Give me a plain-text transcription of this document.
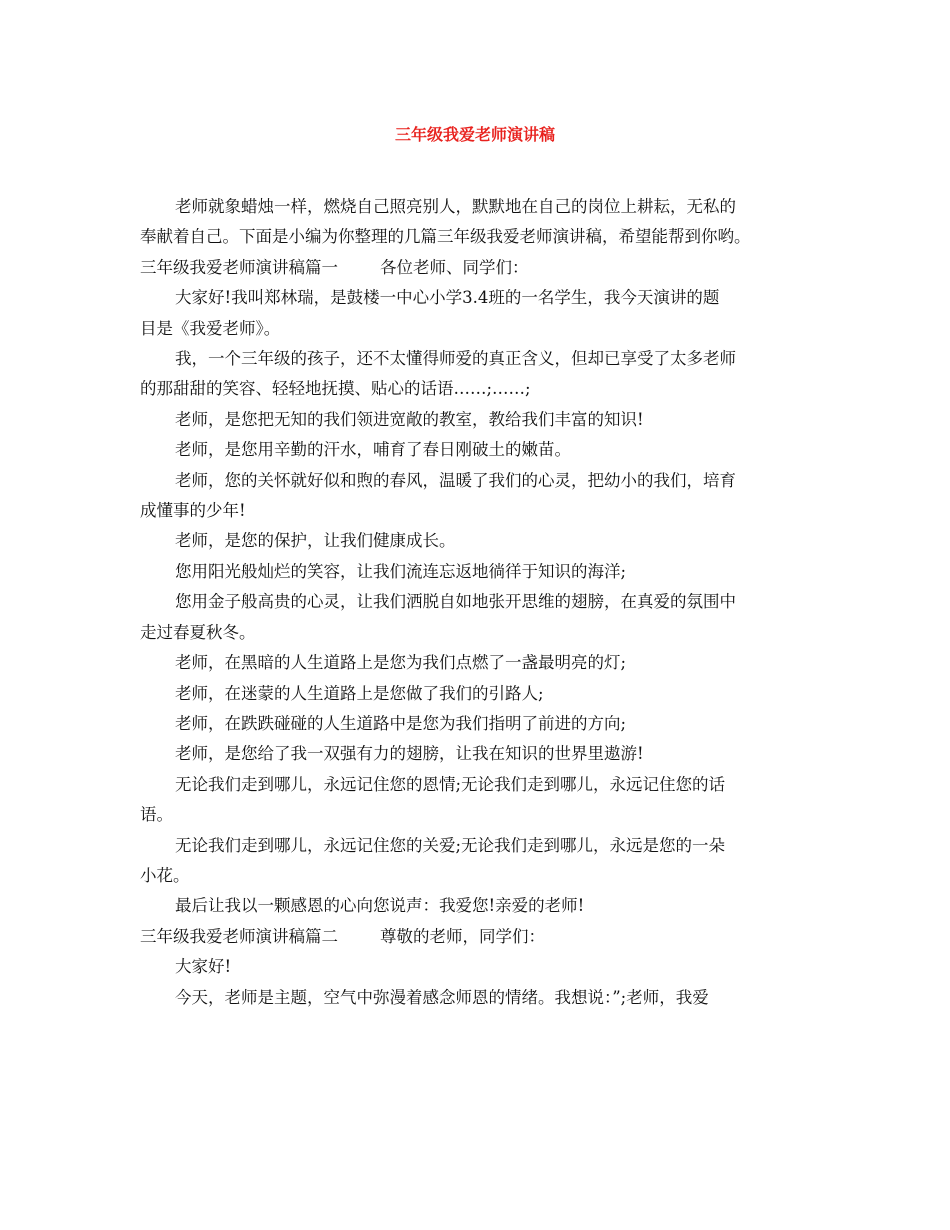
三年级我爱老师演讲稿

老师就象蜡烛一样，燃烧自己照亮别人，默默地在自己的岗位上耕耘，无私的

奉献着自己。下面是小编为你整理的几篇三年级我爱老师演讲稿，希望能帮到你哟。

三年级我爱老师演讲稿篇一	各位老师、同学们：

大家好!我叫郑林瑞，是鼓楼一中心小学3.4班的一名学生，我今天演讲的题

目是《我爱老师》。

我，一个三年级的孩子，还不太懂得师爱的真正含义，但却已享受了太多老师

的那甜甜的笑容、轻轻地抚摸、贴心的话语……;……;

老师，是您把无知的我们领进宽敞的教室，教给我们丰富的知识!

老师，是您用辛勤的汗水，哺育了春日刚破土的嫩苗。

老师，您的关怀就好似和煦的春风，温暖了我们的心灵，把幼小的我们，培育

成懂事的少年!

老师，是您的保护，让我们健康成长。

您用阳光般灿烂的笑容，让我们流连忘返地徜徉于知识的海洋;

您用金子般高贵的心灵，让我们洒脱自如地张开思维的翅膀，在真爱的氛围中

走过春夏秋冬。

老师，在黑暗的人生道路上是您为我们点燃了一盏最明亮的灯;

老师，在迷蒙的人生道路上是您做了我们的引路人;

老师，在跌跌碰碰的人生道路中是您为我们指明了前进的方向;

老师，是您给了我一双强有力的翅膀，让我在知识的世界里遨游!

无论我们走到哪儿，永远记住您的恩情;无论我们走到哪儿，永远记住您的话

语。

无论我们走到哪儿，永远记住您的关爱;无论我们走到哪儿，永远是您的一朵

小花。

最后让我以一颗感恩的心向您说声：我爱您!亲爱的老师!

三年级我爱老师演讲稿篇二	尊敬的老师，同学们：

大家好!

今天，老师是主题，空气中弥漫着感念师恩的情绪。我想说：”;老师，我爱
